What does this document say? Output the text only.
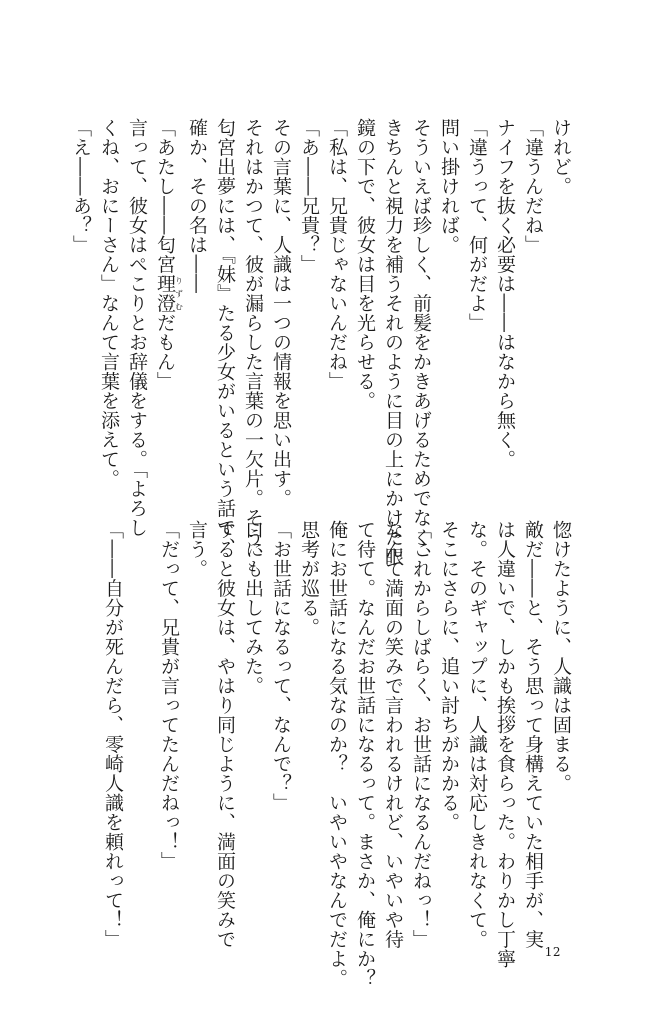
けれど。

「違うんだね」

ナイフを抜く必要は――はなから無く。

「違うって、何がだよ」

問い掛ければ。

そういえば珍しく、前髪をかきあげるためでなく、

きちんと視力を補うそれのように目の上にかけた眼

鏡の下で、彼女は目を光らせる。

「私は、兄貴じゃないんだね」

「あ――兄貴？」

その言葉に、人識は一つの情報を思い出す。

それはかつて、彼が漏らした言葉の一欠片。そう、

匂宮出夢には、『妹』たる少女がいるという話で、

確か、その名は――

「あたし――匂宮理澄りずむだもん」

言って、彼女はぺこりとお辞儀をする。「よろし

くね、おにーさん」なんて言葉を添えて。

「え――あ？」

惚けたように、人識は固まる。

敵だ――と、そう思って身構えていた相手が、実

は人違いで、しかも挨拶を食らった。わりかし丁寧

な。そのギャップに、人識は対応しきれなくて。

そこにさらに、追い討ちがかかる。

「これからしばらく、お世話になるんだねっ！」

なんて満面の笑みで言われるけれど、いやいや待

て待て。なんだお世話になるって。まさか、俺にか？

俺にお世話になる気なのか？　いやいやなんでだよ。

思考が巡る。

「お世話になるって、なんで？」

口にも出してみた。

すると彼女は、やはり同じように、満面の笑みで

言う。

「だって、兄貴が言ってたんだねっ！」

「――自分が死んだら、零崎人識を頼れって！」

12
